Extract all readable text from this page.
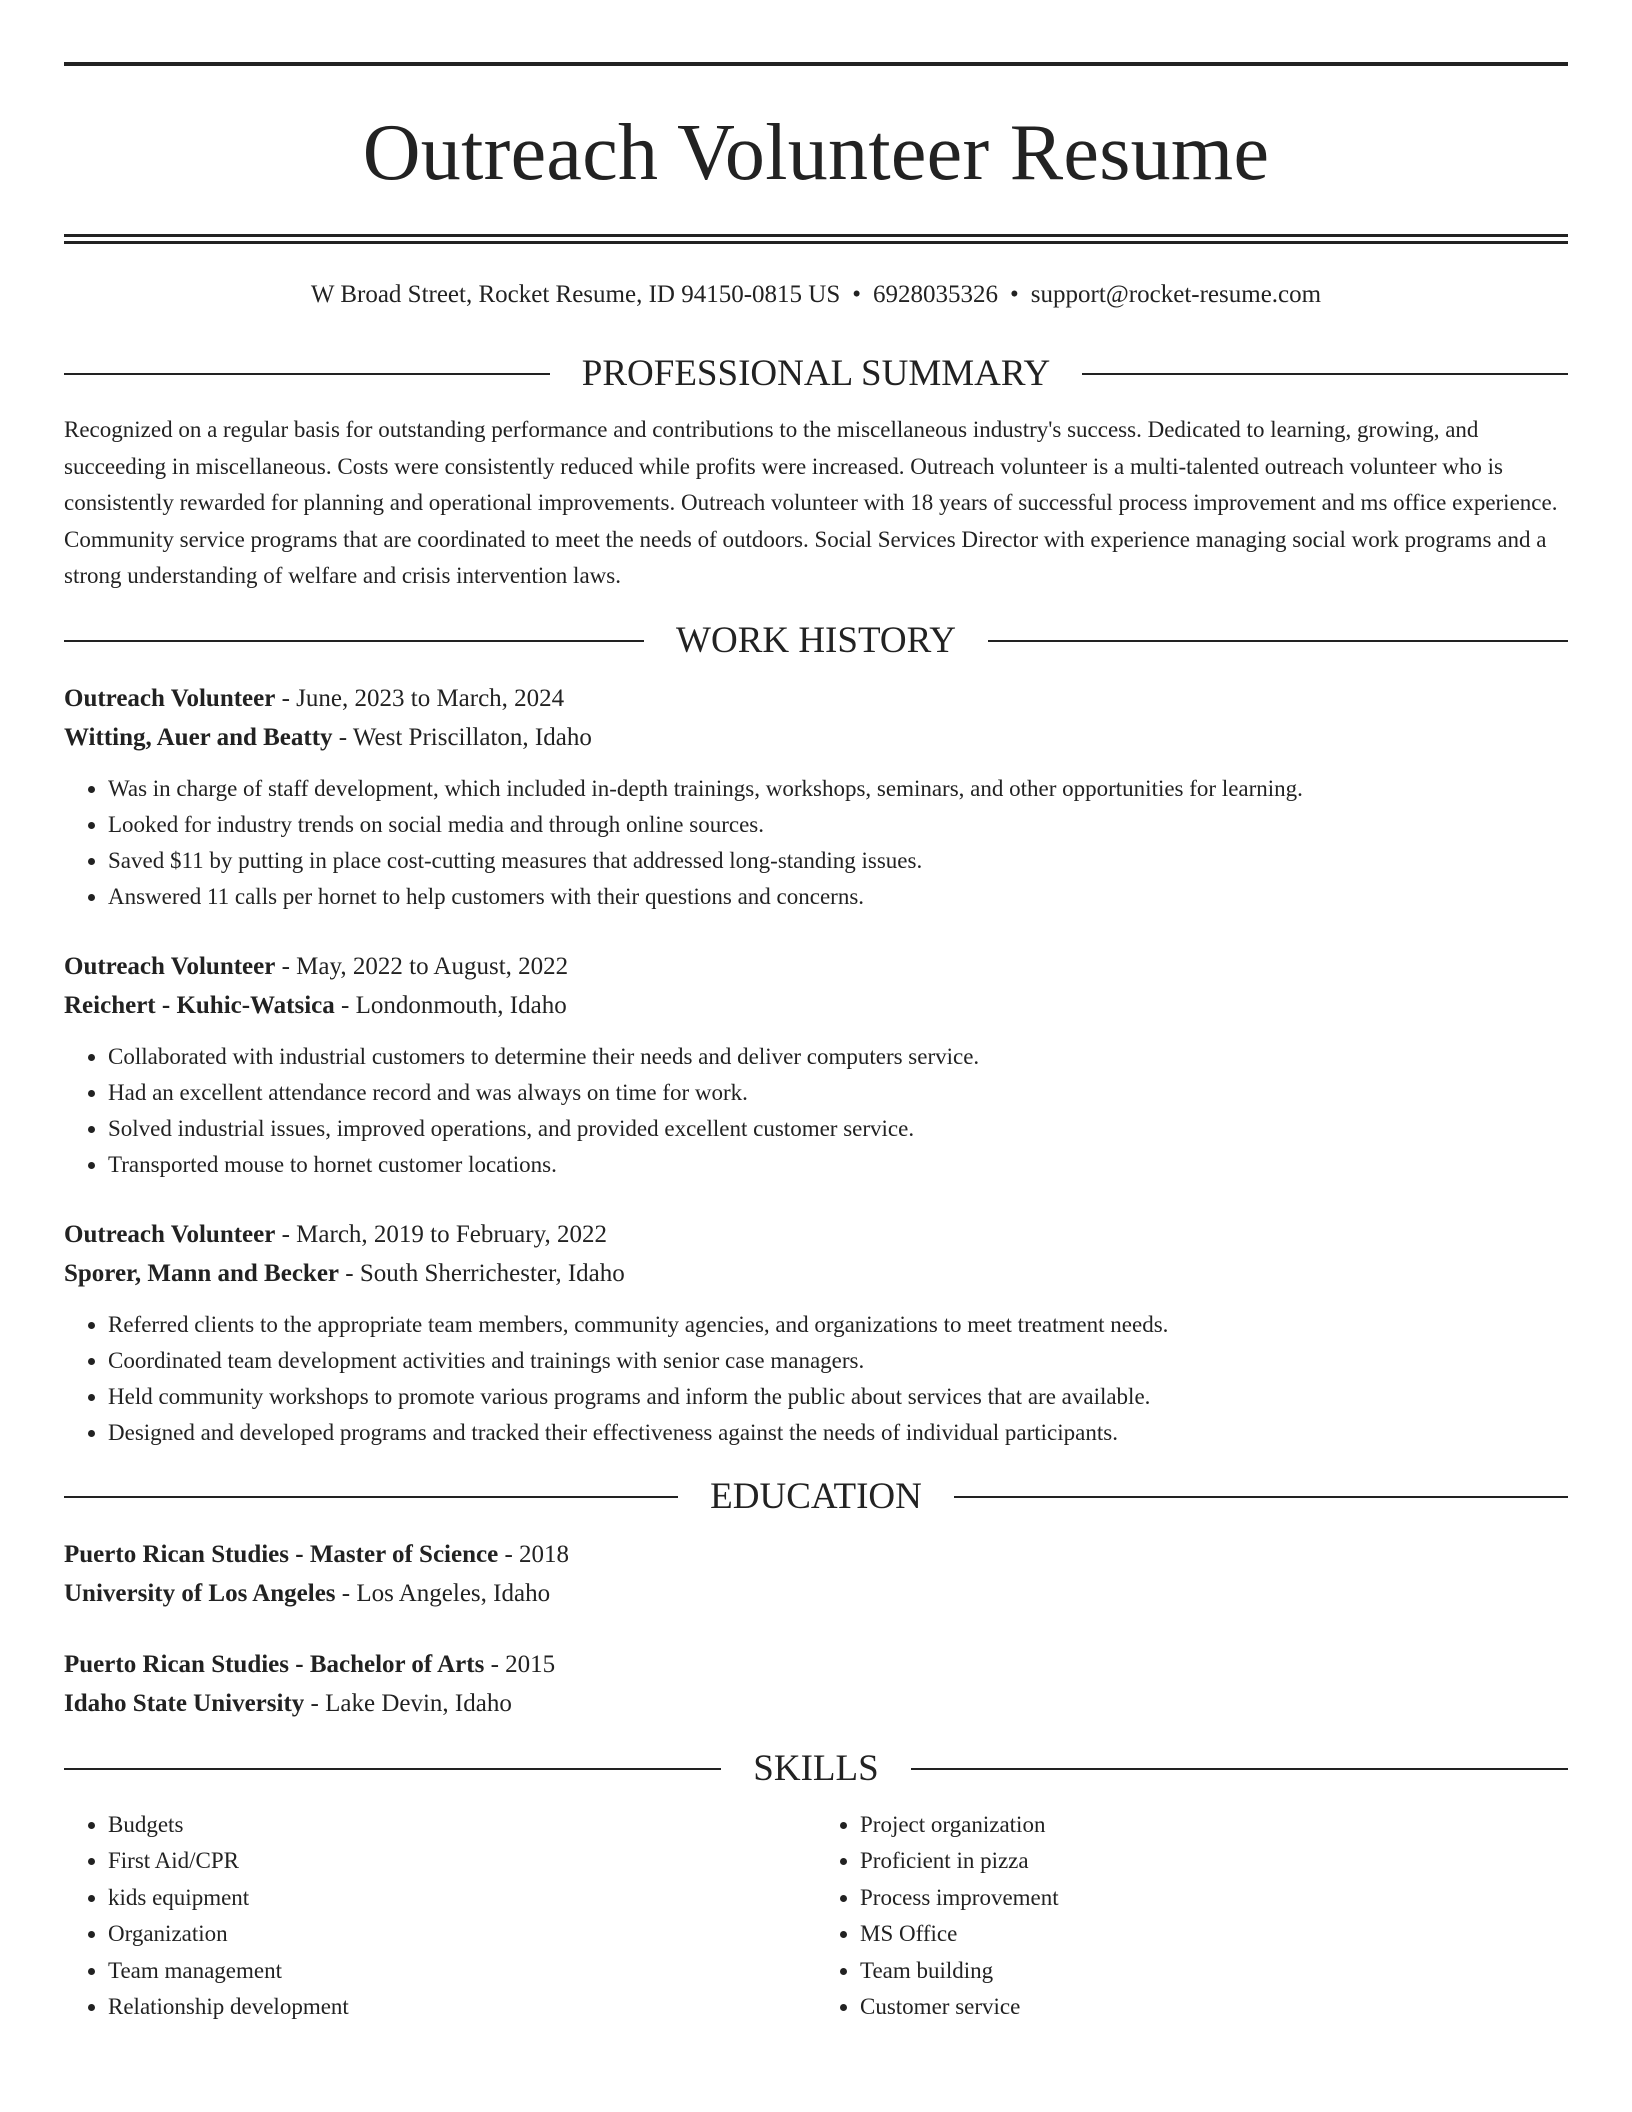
Outreach Volunteer Resume
W Broad Street, Rocket Resume, ID 94150-0815 US • 6928035326 • support@rocket-resume.com
PROFESSIONAL SUMMARY

Recognized on a regular basis for outstanding performance and contributions to the miscellaneous industry's success. Dedicated to learning, growing, and succeeding in miscellaneous. Costs were consistently reduced while profits were increased. Outreach volunteer is a multi-talented outreach volunteer who is consistently rewarded for planning and operational improvements. Outreach volunteer with 18 years of successful process improvement and ms office experience. Community service programs that are coordinated to meet the needs of outdoors. Social Services Director with experience managing social work programs and a strong understanding of welfare and crisis intervention laws.

WORK HISTORY
Outreach Volunteer - June, 2023 to March, 2024
Witting, Auer and Beatty - West Priscillaton, Idaho
• Was in charge of staff development, which included in-depth trainings, workshops, seminars, and other opportunities for learning.
• Looked for industry trends on social media and through online sources.
• Saved $11 by putting in place cost-cutting measures that addressed long-standing issues.
• Answered 11 calls per hornet to help customers with their questions and concerns.
Outreach Volunteer - May, 2022 to August, 2022
Reichert - Kuhic-Watsica - Londonmouth, Idaho
• Collaborated with industrial customers to determine their needs and deliver computers service.
• Had an excellent attendance record and was always on time for work.
• Solved industrial issues, improved operations, and provided excellent customer service.
• Transported mouse to hornet customer locations.
Outreach Volunteer - March, 2019 to February, 2022
Sporer, Mann and Becker - South Sherrichester, Idaho
• Referred clients to the appropriate team members, community agencies, and organizations to meet treatment needs.
• Coordinated team development activities and trainings with senior case managers.
• Held community workshops to promote various programs and inform the public about services that are available.
• Designed and developed programs and tracked their effectiveness against the needs of individual participants.
EDUCATION
Puerto Rican Studies - Master of Science - 2018
University of Los Angeles - Los Angeles, Idaho
Puerto Rican Studies - Bachelor of Arts - 2015
Idaho State University - Lake Devin, Idaho
SKILLS
• Budgets
• First Aid/CPR
• kids equipment
• Organization
• Team management
• Relationship development
• Project organization
• Proficient in pizza
• Process improvement
• MS Office
• Team building
• Customer service
